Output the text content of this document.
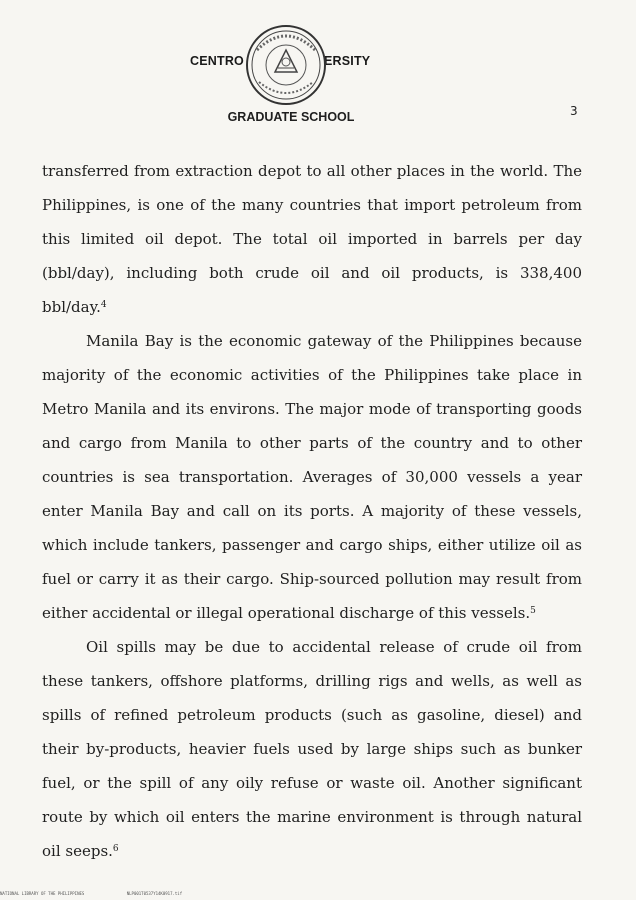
CENTRO	ERSITY
GRADUATE SCHOOL	3

transferred from extraction depot to all other places in the world. The Philippines, is one of the many countries that import petroleum from this limited oil depot. The total oil imported in barrels per day (bbl/day), including both crude oil and oil products, is 338,400 bbl/day.$^4$

Manila Bay is the economic gateway of the Philippines because majority of the economic activities of the Philippines take place in Metro Manila and its environs. The major mode of transporting goods and cargo from Manila to other parts of the country and to other countries is sea transportation. Averages of 30,000 vessels a year enter Manila Bay and call on its ports. A majority of these vessels, which include tankers, passenger and cargo ships, either utilize oil as fuel or carry it as their cargo. Ship-sourced pollution may result from either accidental or illegal operational discharge of this vessels.$^5$

Oil spills may be due to accidental release of crude oil from these tankers, offshore platforms, drilling rigs and wells, as well as spills of refined petroleum products (such as gasoline, diesel) and their by-products, heavier fuels used by large ships such as bunker fuel, or the spill of any oily refuse or waste oil. Another significant route by which oil enters the marine environment is through natural oil seeps.$^6$

NATIONAL LIBRARY OF THE PHILIPPINES	NLP001T0537Y14K0917.tif
